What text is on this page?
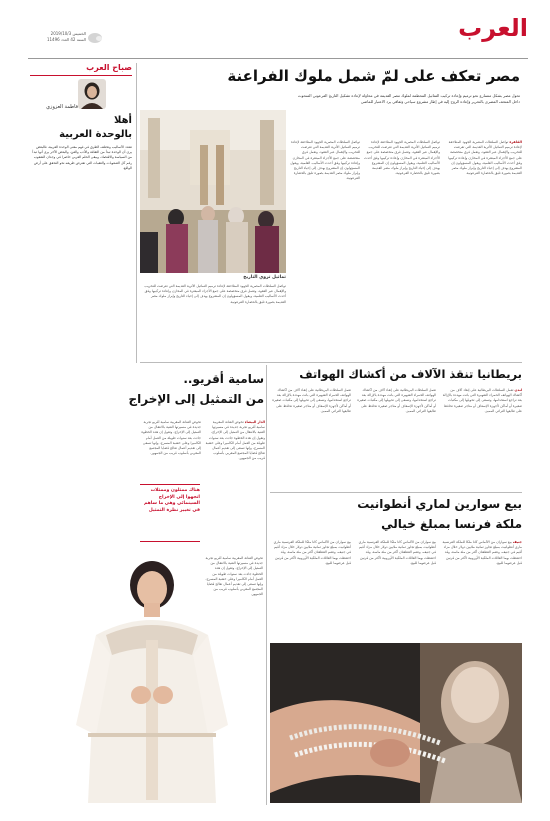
العرب
الخميس 2019/10/3
السنة 42 العدد 11496
صباح العرب
فاطمة العزوزي
أهلا
بالوحدة العربية
تتعدد الأساليب وتختلف الطرق في فهم معنى الوحدة العربية، فالبعض يرى أن الوحدة تبدأ من الثقافة والأدب والفن، والبعض الآخر يرى أنها تبدأ من السياسة والاقتصاد، ويبقى الحلم العربي حاضرا في وجدان الشعوب رغم كل الصعوبات والعقبات التي تعترض طريقه نحو التحقق على أرض الواقع.
مصر تعكف على لمّ شمل ملوك الفراعنة
تحول مصر بشكل متسارع نحو ترميم وإعادة تركيب التماثيل المحطمة لملوك مصر القديمة في محاولة لإعادة تشكيل التاريخ الفرعوني المنحوت داخل المتحف المصري بالتحرير وإعادة الروح إليه في إطار مشروع سياحي وثقافي يرد الاعتبار للماضي
تماثيل تروي التاريخ
القاهرة تواصل السلطات المصرية الجهود المتلاحقة لإعادة ترميم التماثيل الأثرية القديمة التي تعرضت للتخريب والإهمال عبر العقود، وتعمل فرق متخصصة على جمع الأجزاء المبعثرة في المخازن وإعادة تركيبها وفق أحدث الأساليب العلمية، ويقول المسؤولون إن المشروع يهدف إلى إحياء التاريخ وإبراز ملوك مصر القديمة بصورة تليق بالحضارة الفرعونية.
تواصل السلطات المصرية الجهود المتلاحقة لإعادة ترميم التماثيل الأثرية القديمة التي تعرضت للتخريب والإهمال عبر العقود، وتعمل فرق متخصصة على جمع الأجزاء المبعثرة في المخازن وإعادة تركيبها وفق أحدث الأساليب العلمية، ويقول المسؤولون إن المشروع يهدف إلى إحياء التاريخ وإبراز ملوك مصر القديمة بصورة تليق بالحضارة الفرعونية.
تواصل السلطات المصرية الجهود المتلاحقة لإعادة ترميم التماثيل الأثرية القديمة التي تعرضت للتخريب والإهمال عبر العقود، وتعمل فرق متخصصة على جمع الأجزاء المبعثرة في المخازن وإعادة تركيبها وفق أحدث الأساليب العلمية، ويقول المسؤولون إن المشروع يهدف إلى إحياء التاريخ وإبراز ملوك مصر القديمة بصورة تليق بالحضارة الفرعونية.
تواصل السلطات المصرية الجهود المتلاحقة لإعادة ترميم التماثيل الأثرية القديمة التي تعرضت للتخريب والإهمال عبر العقود، وتعمل فرق متخصصة على جمع الأجزاء المبعثرة في المخازن وإعادة تركيبها وفق أحدث الأساليب العلمية، ويقول المسؤولون إن المشروع يهدف إلى إحياء التاريخ وإبراز ملوك مصر القديمة بصورة تليق بالحضارة الفرعونية.
بريطانيا تنقذ الآلاف من أكشاك الهواتف
لندن تعمل السلطات البريطانية على إنقاذ آلاف من أكشاك الهواتف الحمراء الشهيرة التي باتت مهددة بالإزالة بعد تراجع استخدامها، وتسعى إلى تحويلها إلى مكتبات صغيرة أو أماكن لأجهزة الإسعاف أو متاجر صغيرة تحافظ على طابعها التراثي المميز.
تعمل السلطات البريطانية على إنقاذ آلاف من أكشاك الهواتف الحمراء الشهيرة التي باتت مهددة بالإزالة بعد تراجع استخدامها، وتسعى إلى تحويلها إلى مكتبات صغيرة أو أماكن لأجهزة الإسعاف أو متاجر صغيرة تحافظ على طابعها التراثي المميز.
تعمل السلطات البريطانية على إنقاذ آلاف من أكشاك الهواتف الحمراء الشهيرة التي باتت مهددة بالإزالة بعد تراجع استخدامها، وتسعى إلى تحويلها إلى مكتبات صغيرة أو أماكن لأجهزة الإسعاف أو متاجر صغيرة تحافظ على طابعها التراثي المميز.
سامية أقريو..
من التمثيل إلى الإخراج
الدار البيضاء تخوض الفنانة المغربية سامية أقريو تجربة جديدة في مسيرتها الفنية بالانتقال من التمثيل إلى الإخراج، وتقول إن هذه الخطوة جاءت بعد سنوات طويلة من العمل أمام الكاميرا وعلى خشبة المسرح، وإنها تسعى إلى تقديم أعمال تعالج قضايا المجتمع المغربي بأسلوب قريب من الجمهور.
تخوض الفنانة المغربية سامية أقريو تجربة جديدة في مسيرتها الفنية بالانتقال من التمثيل إلى الإخراج، وتقول إن هذه الخطوة جاءت بعد سنوات طويلة من العمل أمام الكاميرا وعلى خشبة المسرح، وإنها تسعى إلى تقديم أعمال تعالج قضايا المجتمع المغربي بأسلوب قريب من الجمهور.
هناك ممثلون وممثلات اتجهوا إلى الإخراج السينمائي وهي ما ساهم في تغيير نظرة التمثيل
تخوض الفنانة المغربية سامية أقريو تجربة جديدة في مسيرتها الفنية بالانتقال من التمثيل إلى الإخراج، وتقول إن هذه الخطوة جاءت بعد سنوات طويلة من العمل أمام الكاميرا وعلى خشبة المسرح، وإنها تسعى إلى تقديم أعمال تعالج قضايا المجتمع المغربي بأسلوب قريب من الجمهور.
بيع سوارين لماري أنطوانيت
ملكة فرنسا بمبلغ خيالي
جنيف بيع سواران من الألماس كانا ملكا للملكة الفرنسية ماري أنطوانيت بمبلغ تجاوز ثمانية ملايين دولار خلال مزاد أقيم في جنيف، وتضم القطعتان أكثر من مئة ماسة، وقد احتفظت بهما العائلات الملكية الأوروبية لأكثر من قرنين قبل عرضهما للبيع.
بيع سواران من الألماس كانا ملكا للملكة الفرنسية ماري أنطوانيت بمبلغ تجاوز ثمانية ملايين دولار خلال مزاد أقيم في جنيف، وتضم القطعتان أكثر من مئة ماسة، وقد احتفظت بهما العائلات الملكية الأوروبية لأكثر من قرنين قبل عرضهما للبيع.
بيع سواران من الألماس كانا ملكا للملكة الفرنسية ماري أنطوانيت بمبلغ تجاوز ثمانية ملايين دولار خلال مزاد أقيم في جنيف، وتضم القطعتان أكثر من مئة ماسة، وقد احتفظت بهما العائلات الملكية الأوروبية لأكثر من قرنين قبل عرضهما للبيع.
